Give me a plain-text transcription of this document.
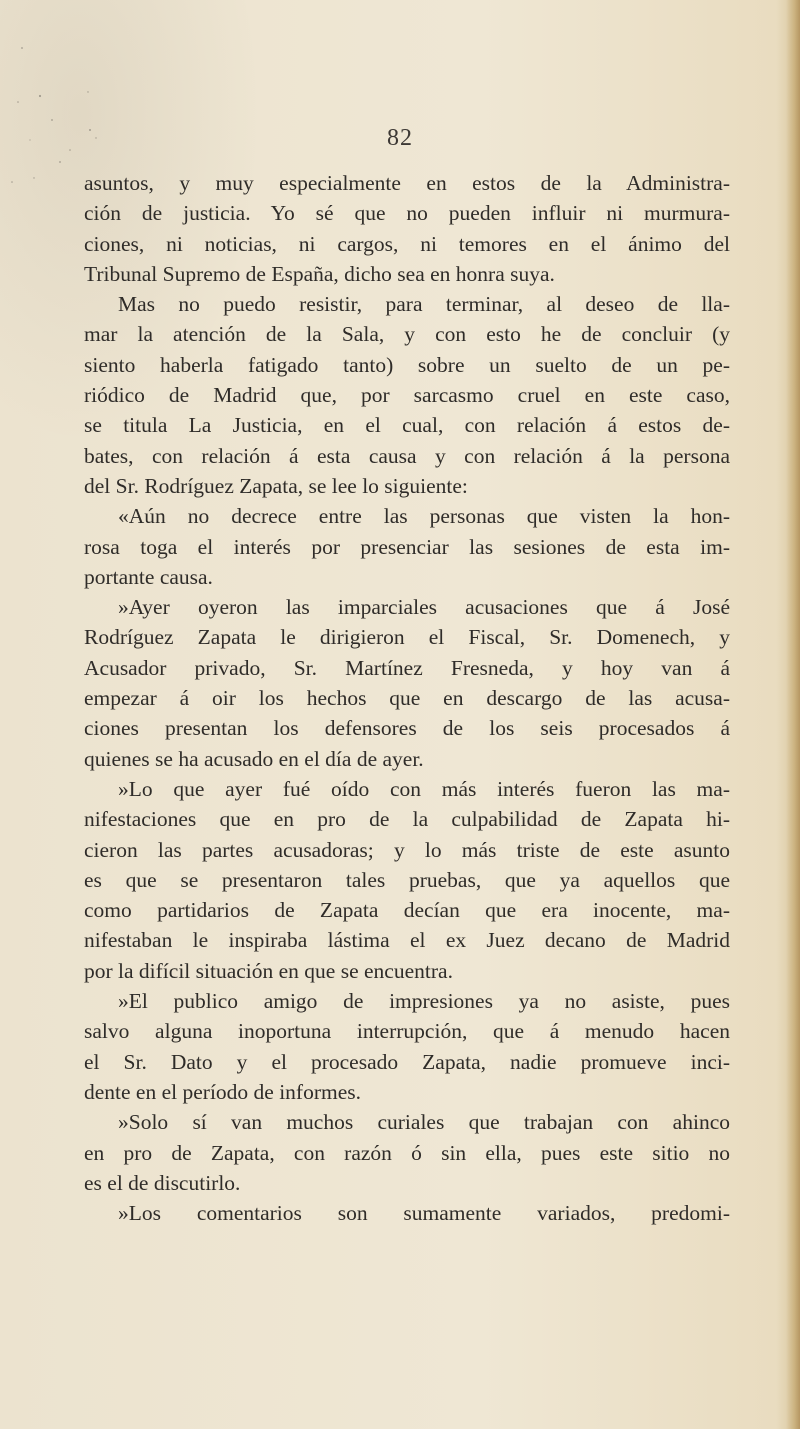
82
asuntos, y muy especialmente en estos de la Administra-
ción de justicia. Yo sé que no pueden influir ni murmura-
ciones, ni noticias, ni cargos, ni temores en el ánimo del
Tribunal Supremo de España, dicho sea en honra suya.
Mas no puedo resistir, para terminar, al deseo de lla-
mar la atención de la Sala, y con esto he de concluir (y
siento haberla fatigado tanto) sobre un suelto de un pe-
riódico de Madrid que, por sarcasmo cruel en este caso,
se titula La Justicia, en el cual, con relación á estos de-
bates, con relación á esta causa y con relación á la persona
del Sr. Rodríguez Zapata, se lee lo siguiente:
«Aún no decrece entre las personas que visten la hon-
rosa toga el interés por presenciar las sesiones de esta im-
portante causa.
»Ayer oyeron las imparciales acusaciones que á José
Rodríguez Zapata le dirigieron el Fiscal, Sr. Domenech, y
Acusador privado, Sr. Martínez Fresneda, y hoy van á
empezar á oir los hechos que en descargo de las acusa-
ciones presentan los defensores de los seis procesados á
quienes se ha acusado en el día de ayer.
»Lo que ayer fué oído con más interés fueron las ma-
nifestaciones que en pro de la culpabilidad de Zapata hi-
cieron las partes acusadoras; y lo más triste de este asunto
es que se presentaron tales pruebas, que ya aquellos que
como partidarios de Zapata decían que era inocente, ma-
nifestaban le inspiraba lástima el ex Juez decano de Madrid
por la difícil situación en que se encuentra.
»El publico amigo de impresiones ya no asiste, pues
salvo alguna inoportuna interrupción, que á menudo hacen
el Sr. Dato y el procesado Zapata, nadie promueve inci-
dente en el período de informes.
»Solo sí van muchos curiales que trabajan con ahinco
en pro de Zapata, con razón ó sin ella, pues este sitio no
es el de discutirlo.
»Los comentarios son sumamente variados, predomi-
